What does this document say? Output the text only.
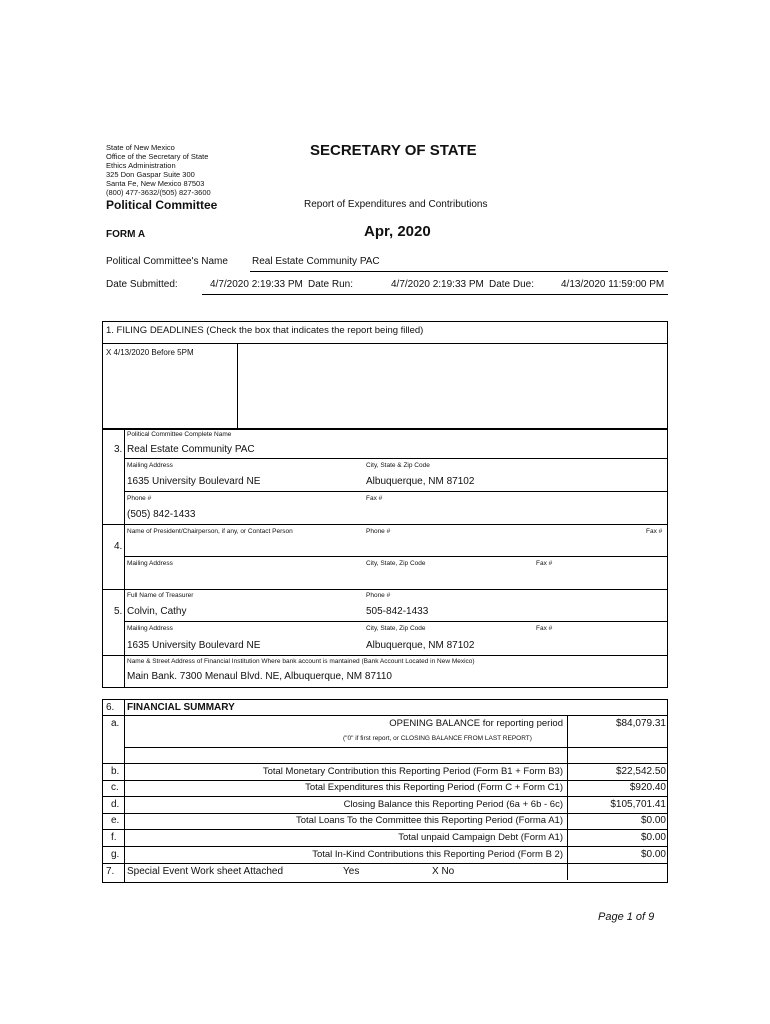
State of New Mexico
Office of the Secretary of State
Ethics Administration
325 Don Gaspar Suite 300
Santa Fe, New Mexico 87503
(800) 477-3632/(505) 827-3600
SECRETARY OF STATE
Political Committee	Report of Expenditures and Contributions
FORM A	Apr, 2020
Political Committee's Name Real Estate Community PAC
Date Submitted:	4/7/2020 2:19:33 PM Date Run:	4/7/2020 2:19:33 PM Date Due:	4/13/2020 11:59:00 PM
1. FILING DEADLINES (Check the box that indicates the report being filled)
X 4/13/2020 Before 5PM
3.
Political Committee Complete Name
Real Estate Community PAC
Mailing Address	City, State & Zip Code
1635 University Boulevard NE	Albuquerque, NM 87102
Phone #	Fax #
(505) 842-1433
4.
Name of President/Chairperson, if any, or Contact Person	Phone #	Fax #
Mailing Address	City, State, Zip Code	Fax #
5.
Full Name of Treasurer	Phone #
Colvin, Cathy	505-842-1433
Mailing Address	City, State, Zip Code	Fax #
1635 University Boulevard NE	Albuquerque, NM 87102
Name & Street Address of Financial Institution Where bank account is mantained (Bank Account Located in New Mexico)
Main Bank. 7300 Menaul Blvd. NE, Albuquerque, NM 87110
6. FINANCIAL SUMMARY
a.	OPENING BALANCE for reporting period	$84,079.31
("0" if first report, or CLOSING BALANCE FROM LAST REPORT)
b.	Total Monetary Contribution this Reporting Period (Form B1 + Form B3)	$22,542.50
c.	Total Expenditures this Reporting Period (Form C + Form C1)	$920.40
d.	Closing Balance this Reporting Period (6a + 6b - 6c)	$105,701.41
e.	Total Loans To the Committee this Reporting Period (Forma A1)	$0.00
f.	Total unpaid Campaign Debt (Form A1)	$0.00
g.	Total In-Kind Contributions this Reporting Period (Form B 2)	$0.00
7. Special Event Work sheet Attached	Yes	X No
Page 1 of 9
